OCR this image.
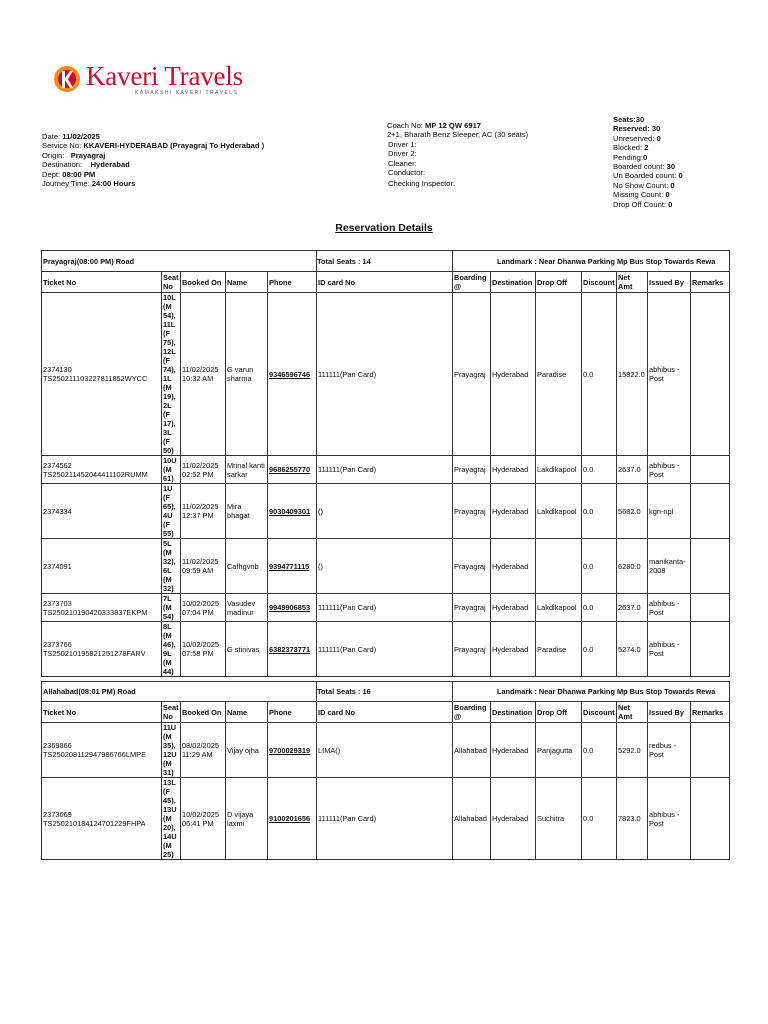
Kaveri Travels
KAMAKSHI KAVERI TRAVELS
Date: 11/02/2025
Service No: KKAVERI-HYDERABAD (Prayagraj To Hyderabad )
Origin: Prayagraj
Destination: Hyderabad
Dept: 08:00 PM
Journey Time: 24:00 Hours
Coach No: MP 12 QW 6917
2+1, Bharath Benz Sleeper, AC (30 seats)
Driver 1:
Driver 2:
Cleaner:
Conductor:
Checking Inspector:
Seats:30
Reserved: 30
Unreserved: 0
Blocked: 2
Pending:0
Boarded count: 30
Un Boarded count: 0
No Show Count: 0
Missing Count: 0
Drop Off Count: 0
Reservation Details
Prayagraj(08:00 PM) Road					Total Seats : 14	Landmark : Near Dhanwa Parking Mp Bus Stop Towards Rewa						
Ticket No	Seat No	Booked On	Name	Phone	ID card No	Boarding @	Destination	Drop Off	Discount	Net Amt	Issued By	Remarks
2374130 TS250211103227811852WYCC	10L (M 54), 11L (F 75), 12L (F 74), 1L (M 19), 2L (F 17), 3L (F 50)	11/02/2025 10:32 AM	G varun sharma	9346596746	111111(Pan Card)	Prayagraj	Hyderabad	Paradise	0.0	15822.0	abhibus - Post	
2374562 TS250211452044411102RUMM	10U (M 61)	11/02/2025 02:52 PM	Mrinal kanti sarkar	9686255770	111111(Pan Card)	Prayagraj	Hyderabad	Lakdikapool	0.0	2637.0	abhibus - Post	
2374334	1U (F 65), 4U (F 55)	11/02/2025 12:37 PM	Mira bhagat	9030409301	()	Prayagraj	Hyderabad	Lakdikapool	0.0	5682.0	kgn-npl	
2374091	5L (M 32), 6L (M 32)	11/02/2025 09:59 AM	Cafhgvnb	9394771115	()	Prayagraj	Hyderabad		0.0	6280.0	manikanta-2008	
2373703 TS250210190420333837EKPM	7L (M 54)	10/02/2025 07:04 PM	Vasudev madinur	9949906853	111111(Pan Card)	Prayagraj	Hyderabad	Lakdikapool	0.0	2637.0	abhibus - Post	
2373766 TS250210195821251278FARV	8L (M 46), 9L (M 44)	10/02/2025 07:58 PM	G stinivas	6382373771	111111(Pan Card)	Prayagraj	Hyderabad	Paradise	0.0	5274.0	abhibus - Post	
Allahabad(08:01 PM) Road					Total Seats : 16	Landmark : Near Dhanwa Parking Mp Bus Stop Towards Rewa						
Ticket No	Seat No	Booked On	Name	Phone	ID card No	Boarding @	Destination	Drop Off	Discount	Net Amt	Issued By	Remarks
2369866 TS250208112947986766LMPE	11U (M 35), 12U (M 31)	08/02/2025 11:29 AM	Vijay ojha	9700029319	LIMA()	Allahabad	Hyderabad	Panjagutta	0.0	5292.0	redbus - Post	
2373669 TS250210184124701229FHPA	13L (F 45), 13U (M 20), 14U (M 25)	10/02/2025 06:41 PM	D vijaya laxmi	9100201656	111111(Pan Card)	Allahabad	Hyderabad	Suchitra	0.0	7823.0	abhibus - Post	
